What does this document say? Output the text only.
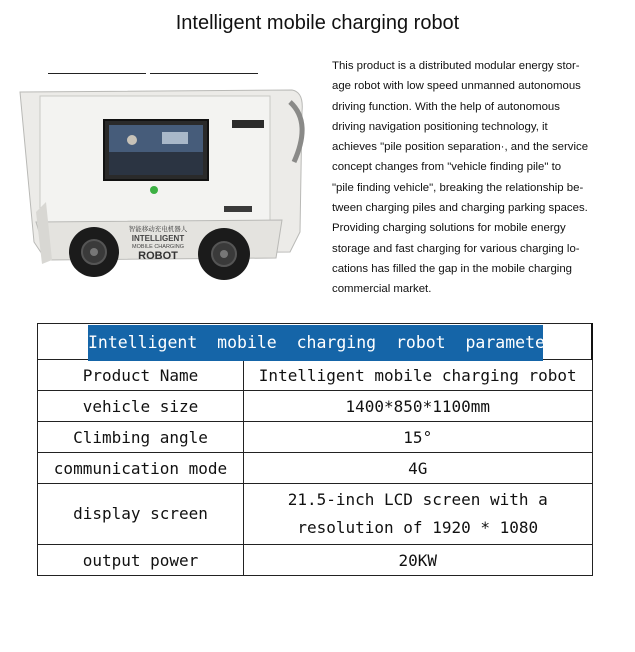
Intelligent mobile charging robot
智能移动充电机器人
INTELLIGENT
MOBILE CHARGING
ROBOT
This product is a distributed modular energy stor-
age robot with low speed unmanned autonomous
driving function. With the help of autonomous
driving navigation positioning technology, it
achieves "pile position separation·, and the service
concept changes from "vehicle finding pile" to
"pile finding vehicle", breaking the relationship be-
tween charging piles and charging parking spaces.
Providing charging solutions for mobile energy
storage and fast charging for various charging lo-
cations has filled the gap in the mobile charging
commercial market.
Intelligent  mobile  charging  robot  parameters	

Product Name	Intelligent mobile charging robot
vehicle size	1400*850*1100mm
Climbing angle	15°
communication mode	4G
display screen	21.5-inch LCD screen with a
resolution of 1920 * 1080

output power	20KW
